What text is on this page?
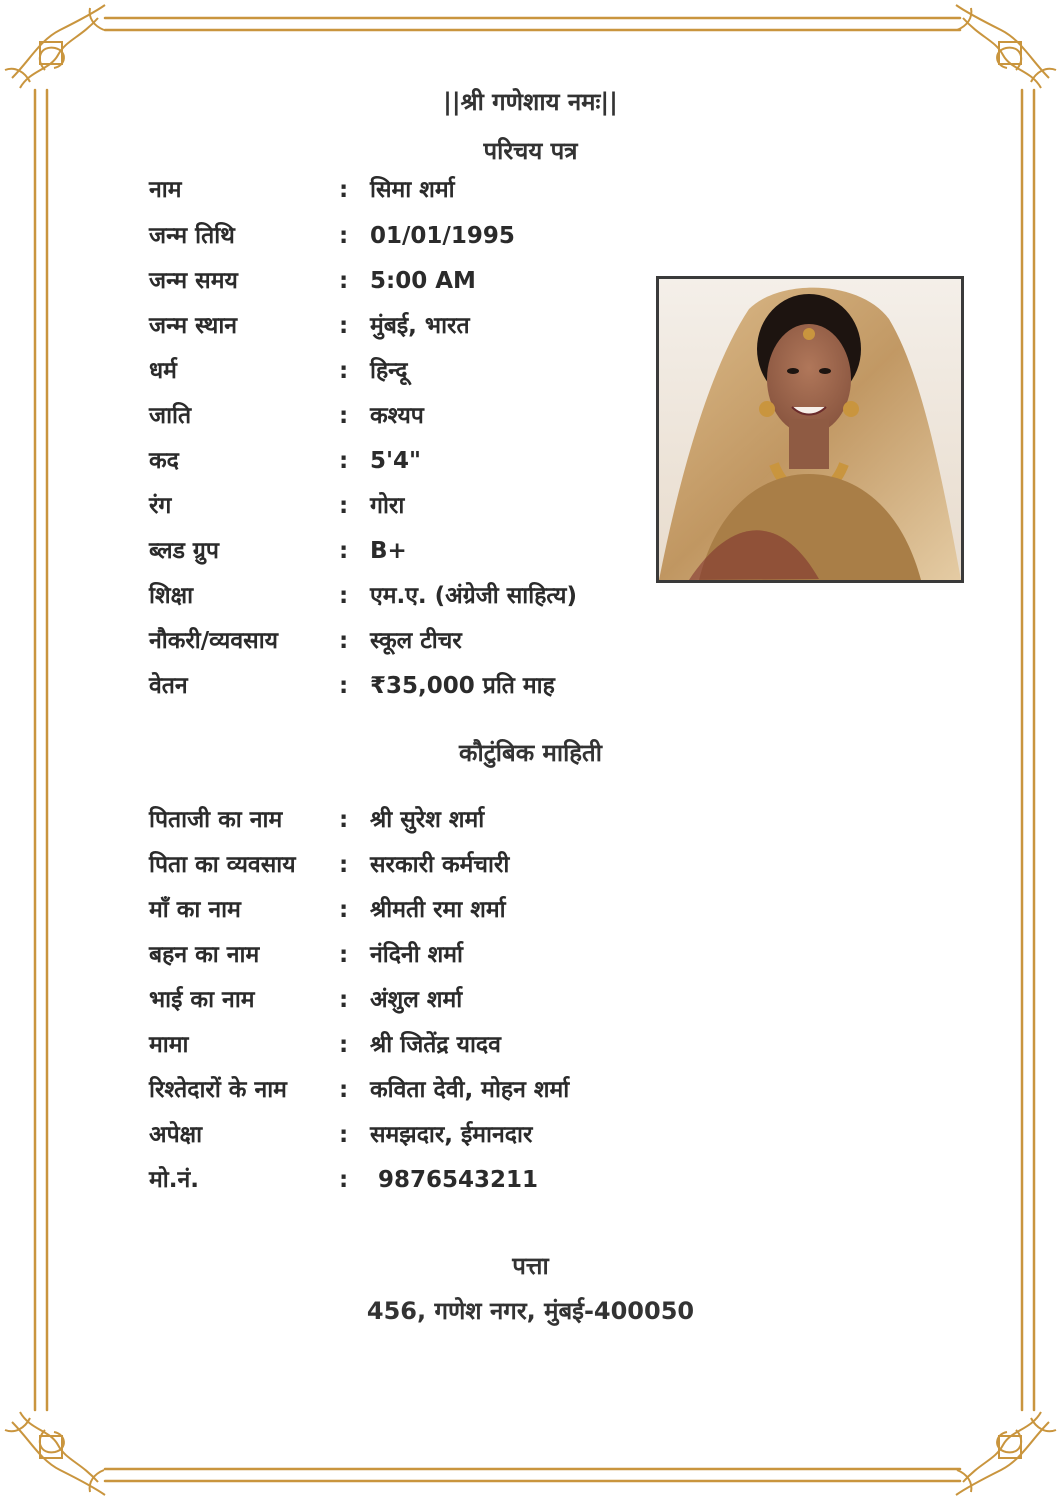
||श्री गणेशाय नमः||
परिचय पत्र
नाम	: सिमा शर्मा
जन्म तिथि	: 01/01/1995
जन्म समय	: 5:00 AM
जन्म स्थान	: मुंबई, भारत
धर्म	: हिन्दू
जाति	: कश्यप
कद	: 5'4"
रंग	: गोरा
ब्लड ग्रुप	: B+
शिक्षा	: एम.ए. (अंग्रेजी साहित्य)
नौकरी/व्यवसाय	: स्कूल टीचर
वेतन	: ₹35,000 प्रति माह
कौटुंबिक माहिती
पिताजी का नाम	: श्री सुरेश शर्मा
पिता का व्यवसाय	: सरकारी कर्मचारी
माँ का नाम	: श्रीमती रमा शर्मा
बहन का नाम	: नंदिनी शर्मा
भाई का नाम	: अंशुल शर्मा
मामा	: श्री जितेंद्र यादव
रिश्तेदारों के नाम	: कविता देवी, मोहन शर्मा
अपेक्षा	: समझदार, ईमानदार
मो.नं.	: 9876543211
पत्ता
456, गणेश नगर, मुंबई-400050
